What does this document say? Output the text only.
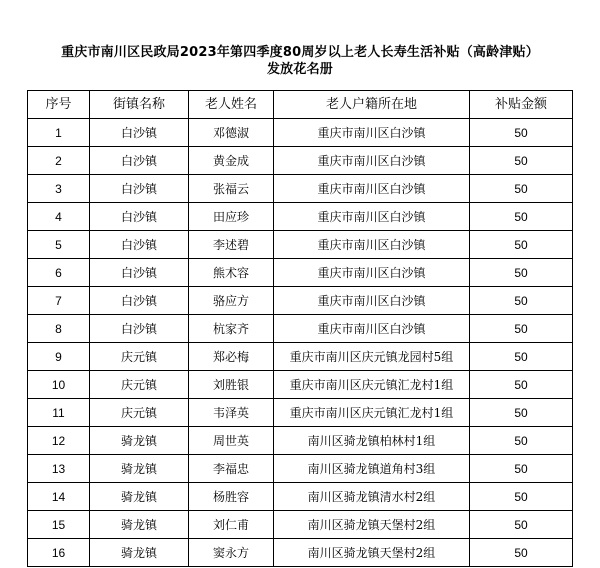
重庆市南川区民政局2023年第四季度80周岁以上老人长寿生活补贴（高龄津贴）
发放花名册
序号	街镇名称	老人姓名	老人户籍所在地	补贴金额
1	白沙镇	邓德淑	重庆市南川区白沙镇	50
2	白沙镇	黄金成	重庆市南川区白沙镇	50
3	白沙镇	张福云	重庆市南川区白沙镇	50
4	白沙镇	田应珍	重庆市南川区白沙镇	50
5	白沙镇	李述碧	重庆市南川区白沙镇	50
6	白沙镇	熊术容	重庆市南川区白沙镇	50
7	白沙镇	骆应方	重庆市南川区白沙镇	50
8	白沙镇	杭家齐	重庆市南川区白沙镇	50
9	庆元镇	郑必梅	重庆市南川区庆元镇龙园村5组	50
10	庆元镇	刘胜银	重庆市南川区庆元镇汇龙村1组	50
11	庆元镇	韦泽英	重庆市南川区庆元镇汇龙村1组	50
12	骑龙镇	周世英	南川区骑龙镇柏林村1组	50
13	骑龙镇	李福忠	南川区骑龙镇道角村3组	50
14	骑龙镇	杨胜容	南川区骑龙镇清水村2组	50
15	骑龙镇	刘仁甫	南川区骑龙镇天堡村2组	50
16	骑龙镇	窦永方	南川区骑龙镇天堡村2组	50
